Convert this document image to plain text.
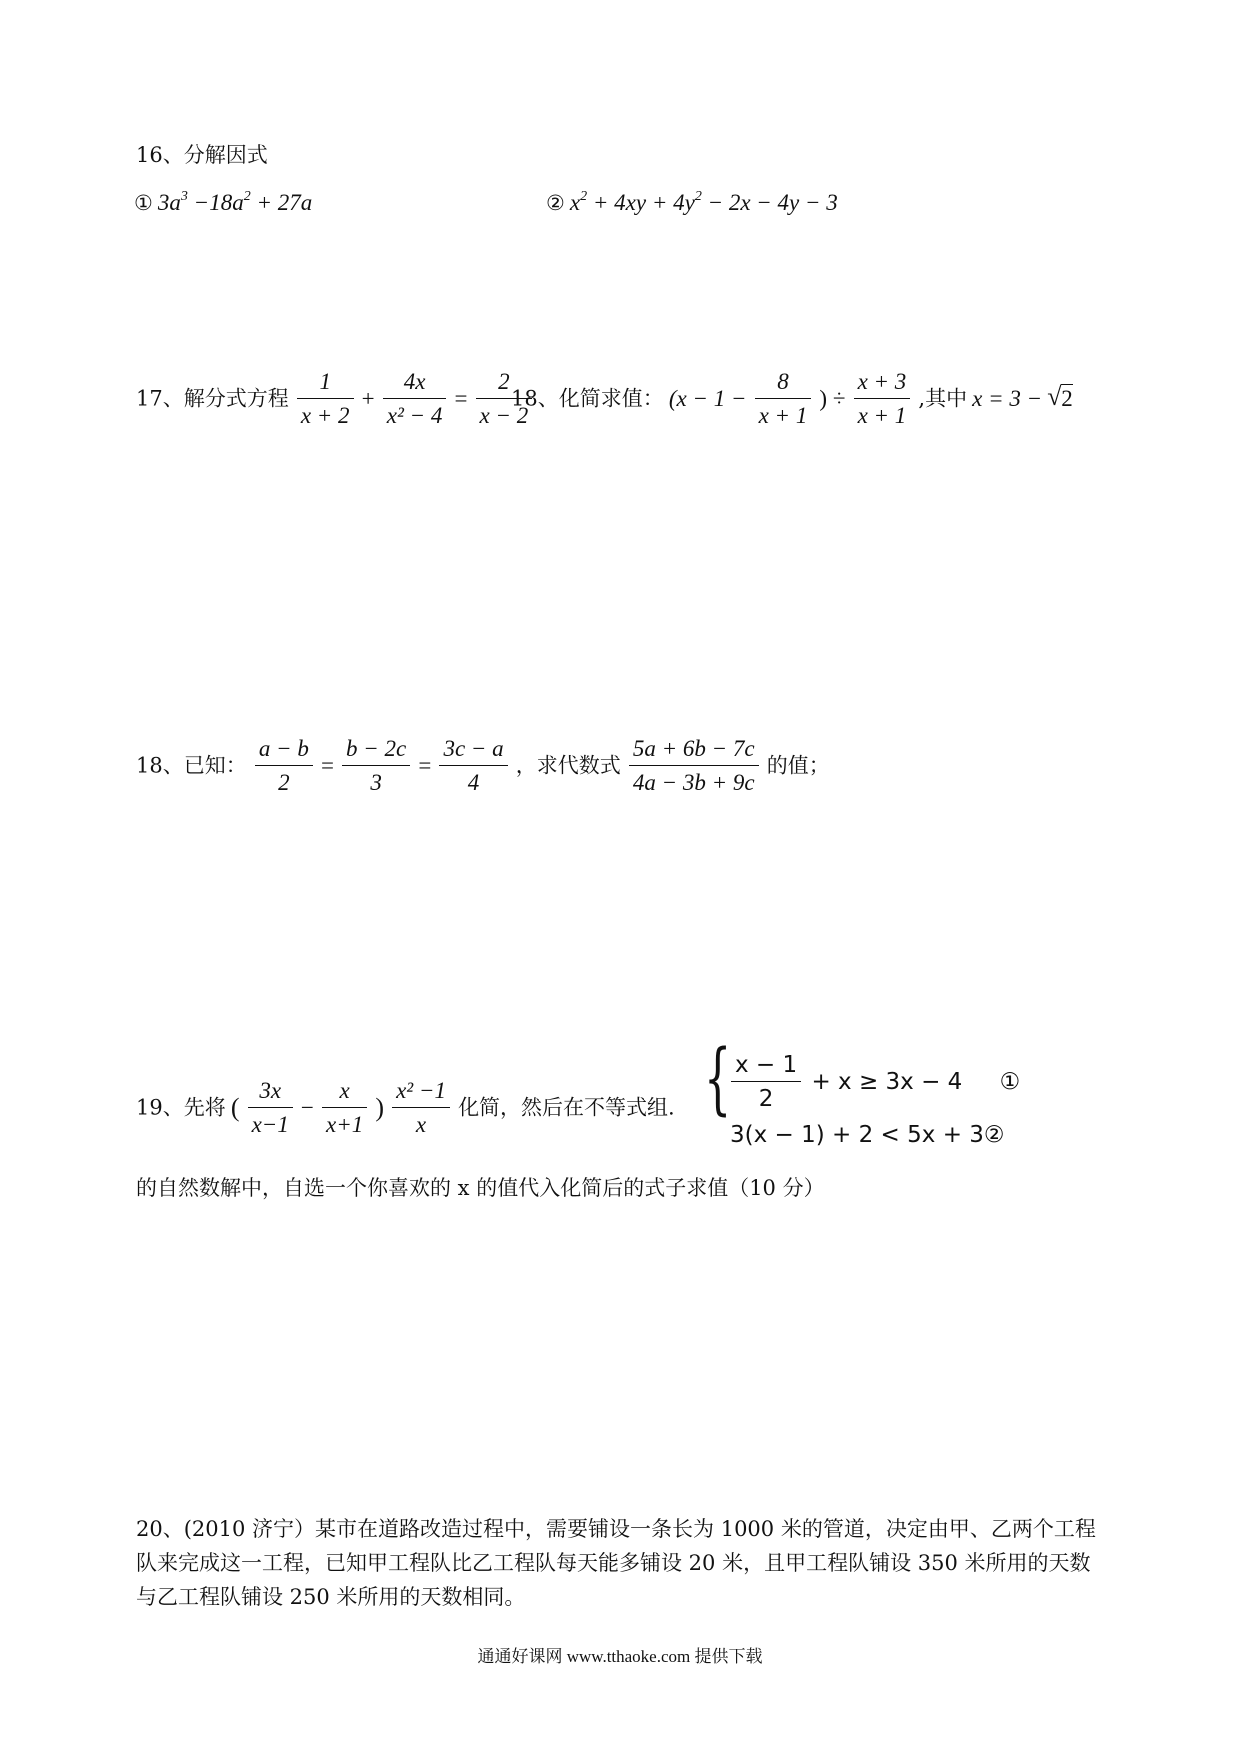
16、分解因式
① $3a^3 -18a^2 + 27a$	② $x^2 + 4xy + 4y^2 - 2x - 4y - 3$
17、解分式方程 $\frac{1}{x + 2} + \frac{4x}{\text{x² − 4}} = \frac{2}{x - 2}$
18、化简求值： ($x - 1 - \frac{8}{x + 1}$ ) ÷ $\frac{x + 3}{x + 1}$ ,其中 x = 3 − √ 2
18、已知： $\frac{a - b}{2} = \frac{b - 2c}{3} = \frac{3c - a}{4}$ ，求代数式 $\frac{5a + 6b - 7c}{4a - 3b + 9c}$ 的值；
19、先将 ( $\frac{3x}{x-1} - \frac{x}{x+1}$ ) $\frac{\text{x² −1}}{x}$ 化简，然后在不等式组. { $\frac{x - 1}{2} + x \ge 3x - 4$ ①
3(x − 1) + 2 < 5x + 3②
的自然数解中，自选一个你喜欢的 x 的值代入化简后的式子求值（10 分）
20、(2010 济宁）某市在道路改造过程中，需要铺设一条长为 1000 米的管道，决定由甲、乙两个工程
队来完成这一工程，已知甲工程队比乙工程队每天能多铺设 20 米，且甲工程队铺设 350 米所用的天数
与乙工程队铺设 250 米所用的天数相同。
通通好课网 www.tthaoke.com 提供下载
